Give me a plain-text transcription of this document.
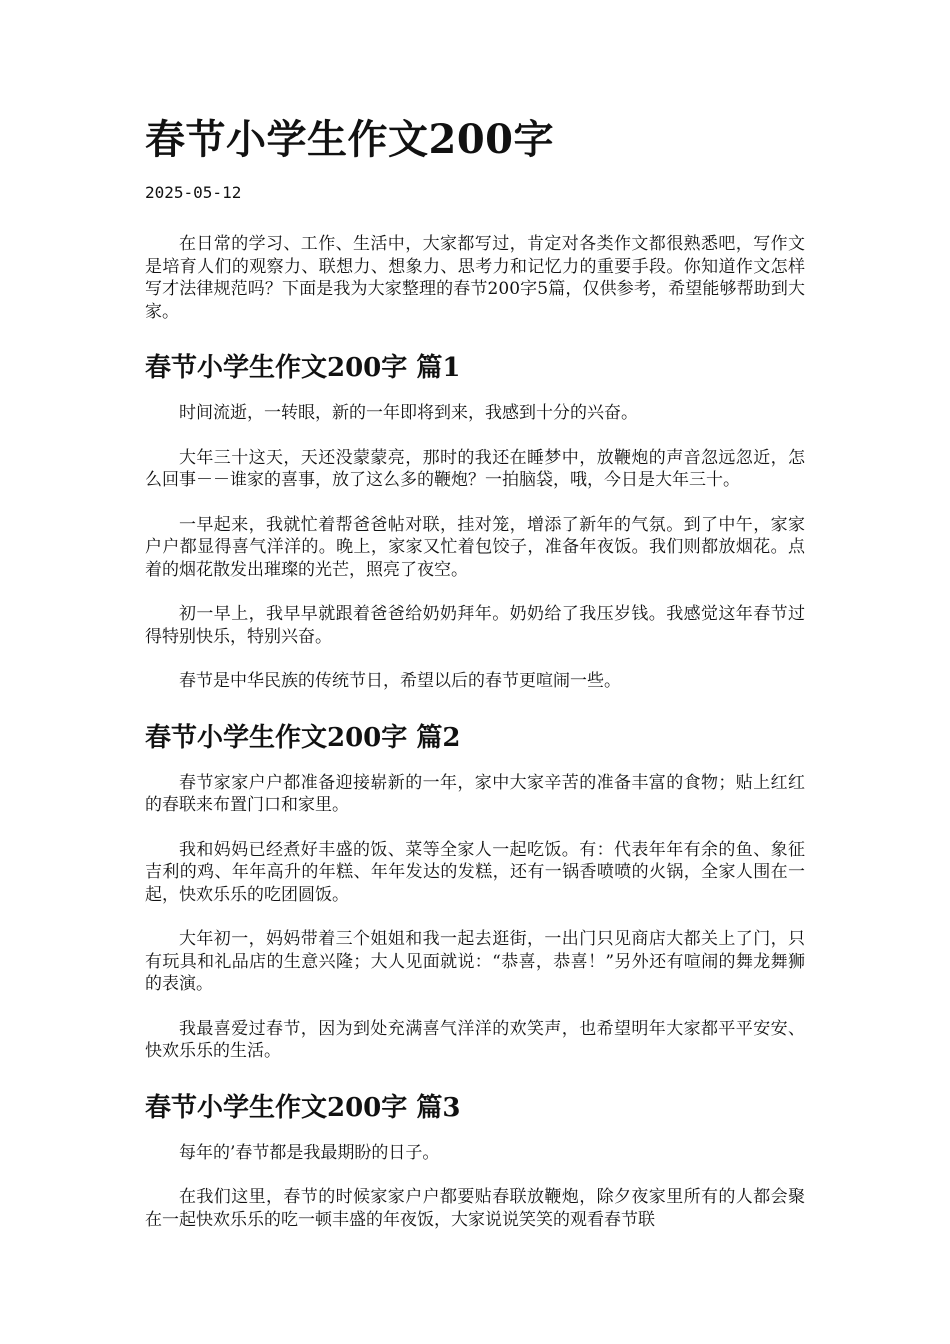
春节小学生作文200字
2025-05-12

在日常的学习、工作、生活中，大家都写过，肯定对各类作文都很熟悉吧，写作文是培育人们的观察力、联想力、想象力、思考力和记忆力的重要手段。你知道作文怎样写才法律规范吗？下面是我为大家整理的春节200字5篇，仅供参考，希望能够帮助到大家。

春节小学生作文200字 篇1

时间流逝，一转眼，新的一年即将到来，我感到十分的兴奋。

大年三十这天，天还没蒙蒙亮，那时的我还在睡梦中，放鞭炮的声音忽远忽近，怎么回事－－谁家的喜事，放了这么多的鞭炮？一拍脑袋，哦，今日是大年三十。

一早起来，我就忙着帮爸爸帖对联，挂对笼，增添了新年的气氛。到了中午，家家户户都显得喜气洋洋的。晚上，家家又忙着包饺子，准备年夜饭。我们则都放烟花。点着的烟花散发出璀璨的光芒，照亮了夜空。

初一早上，我早早就跟着爸爸给奶奶拜年。奶奶给了我压岁钱。我感觉这年春节过得特别快乐，特别兴奋。

春节是中华民族的传统节日，希望以后的春节更喧闹一些。

春节小学生作文200字 篇2

春节家家户户都准备迎接崭新的一年，家中大家辛苦的准备丰富的食物；贴上红红的春联来布置门口和家里。

我和妈妈已经煮好丰盛的饭、菜等全家人一起吃饭。有：代表年年有余的鱼、象征吉利的鸡、年年高升的年糕、年年发达的发糕，还有一锅香喷喷的火锅，全家人围在一起，快欢乐乐的吃团圆饭。

大年初一，妈妈带着三个姐姐和我一起去逛街，一出门只见商店大都关上了门，只有玩具和礼品店的生意兴隆；大人见面就说：“恭喜，恭喜！”另外还有喧闹的舞龙舞狮的表演。

我最喜爱过春节，因为到处充满喜气洋洋的欢笑声，也希望明年大家都平平安安、快欢乐乐的生活。

春节小学生作文200字 篇3

每年的’春节都是我最期盼的日子。

在我们这里，春节的时候家家户户都要贴春联放鞭炮，除夕夜家里所有的人都会聚在一起快欢乐乐的吃一顿丰盛的年夜饭，大家说说笑笑的观看春节联
